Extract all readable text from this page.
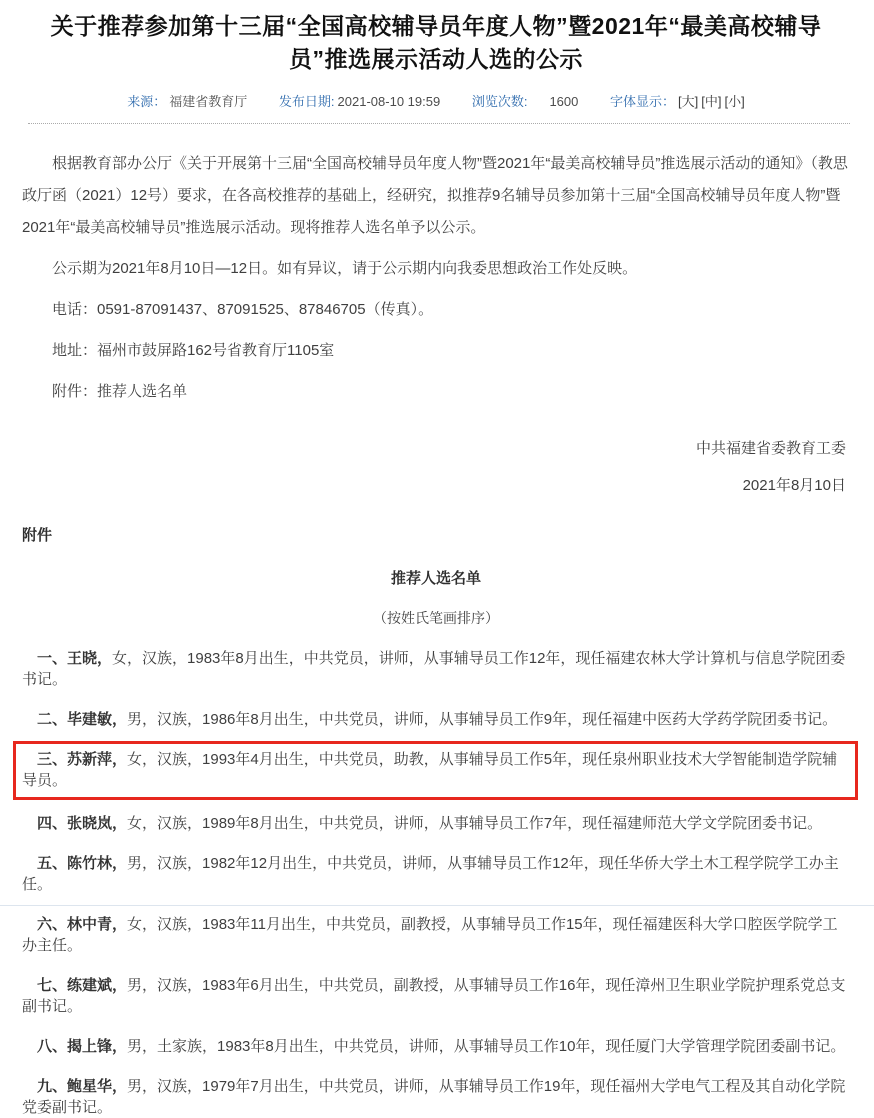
关于推荐参加第十三届“全国高校辅导员年度人物”暨2021年“最美高校辅导员”推选展示活动人选的公示
来源： 福建省教育厅 发布日期: 2021-08-10 19:59 浏览次数: 1600 字体显示： [大] [中] [小]

根据教育部办公厅《关于开展第十三届“全国高校辅导员年度人物”暨2021年“最美高校辅导员”推选展示活动的通知》（教思政厅函（2021）12号）要求，在各高校推荐的基础上，经研究，拟推荐9名辅导员参加第十三届“全国高校辅导员年度人物”暨2021年“最美高校辅导员”推选展示活动。现将推荐人选名单予以公示。

公示期为2021年8月10日—12日。如有异议，请于公示期内向我委思想政治工作处反映。

电话：0591-87091437、87091525、87846705（传真）。

地址：福州市鼓屏路162号省教育厅1105室

附件：推荐人选名单

中共福建省委教育工委
2021年8月10日
附件
推荐人选名单
（按姓氏笔画排序）
一、王晓，女，汉族，1983年8月出生，中共党员，讲师，从事辅导员工作12年，现任福建农林大学计算机与信息学院团委书记。
二、毕建敏，男，汉族，1986年8月出生，中共党员，讲师，从事辅导员工作9年，现任福建中医药大学药学院团委书记。
三、苏新萍，女，汉族，1993年4月出生，中共党员，助教，从事辅导员工作5年，现任泉州职业技术大学智能制造学院辅导员。
四、张晓岚，女，汉族，1989年8月出生，中共党员，讲师，从事辅导员工作7年，现任福建师范大学文学院团委书记。
五、陈竹林，男，汉族，1982年12月出生，中共党员，讲师，从事辅导员工作12年，现任华侨大学土木工程学院学工办主任。
六、林中青，女，汉族，1983年11月出生，中共党员，副教授，从事辅导员工作15年，现任福建医科大学口腔医学院学工办主任。
七、练建斌，男，汉族，1983年6月出生，中共党员，副教授，从事辅导员工作16年，现任漳州卫生职业学院护理系党总支副书记。
八、揭上锋，男，土家族，1983年8月出生，中共党员，讲师，从事辅导员工作10年，现任厦门大学管理学院团委副书记。
九、鲍星华，男，汉族，1979年7月出生，中共党员，讲师，从事辅导员工作19年，现任福州大学电气工程及其自动化学院党委副书记。
